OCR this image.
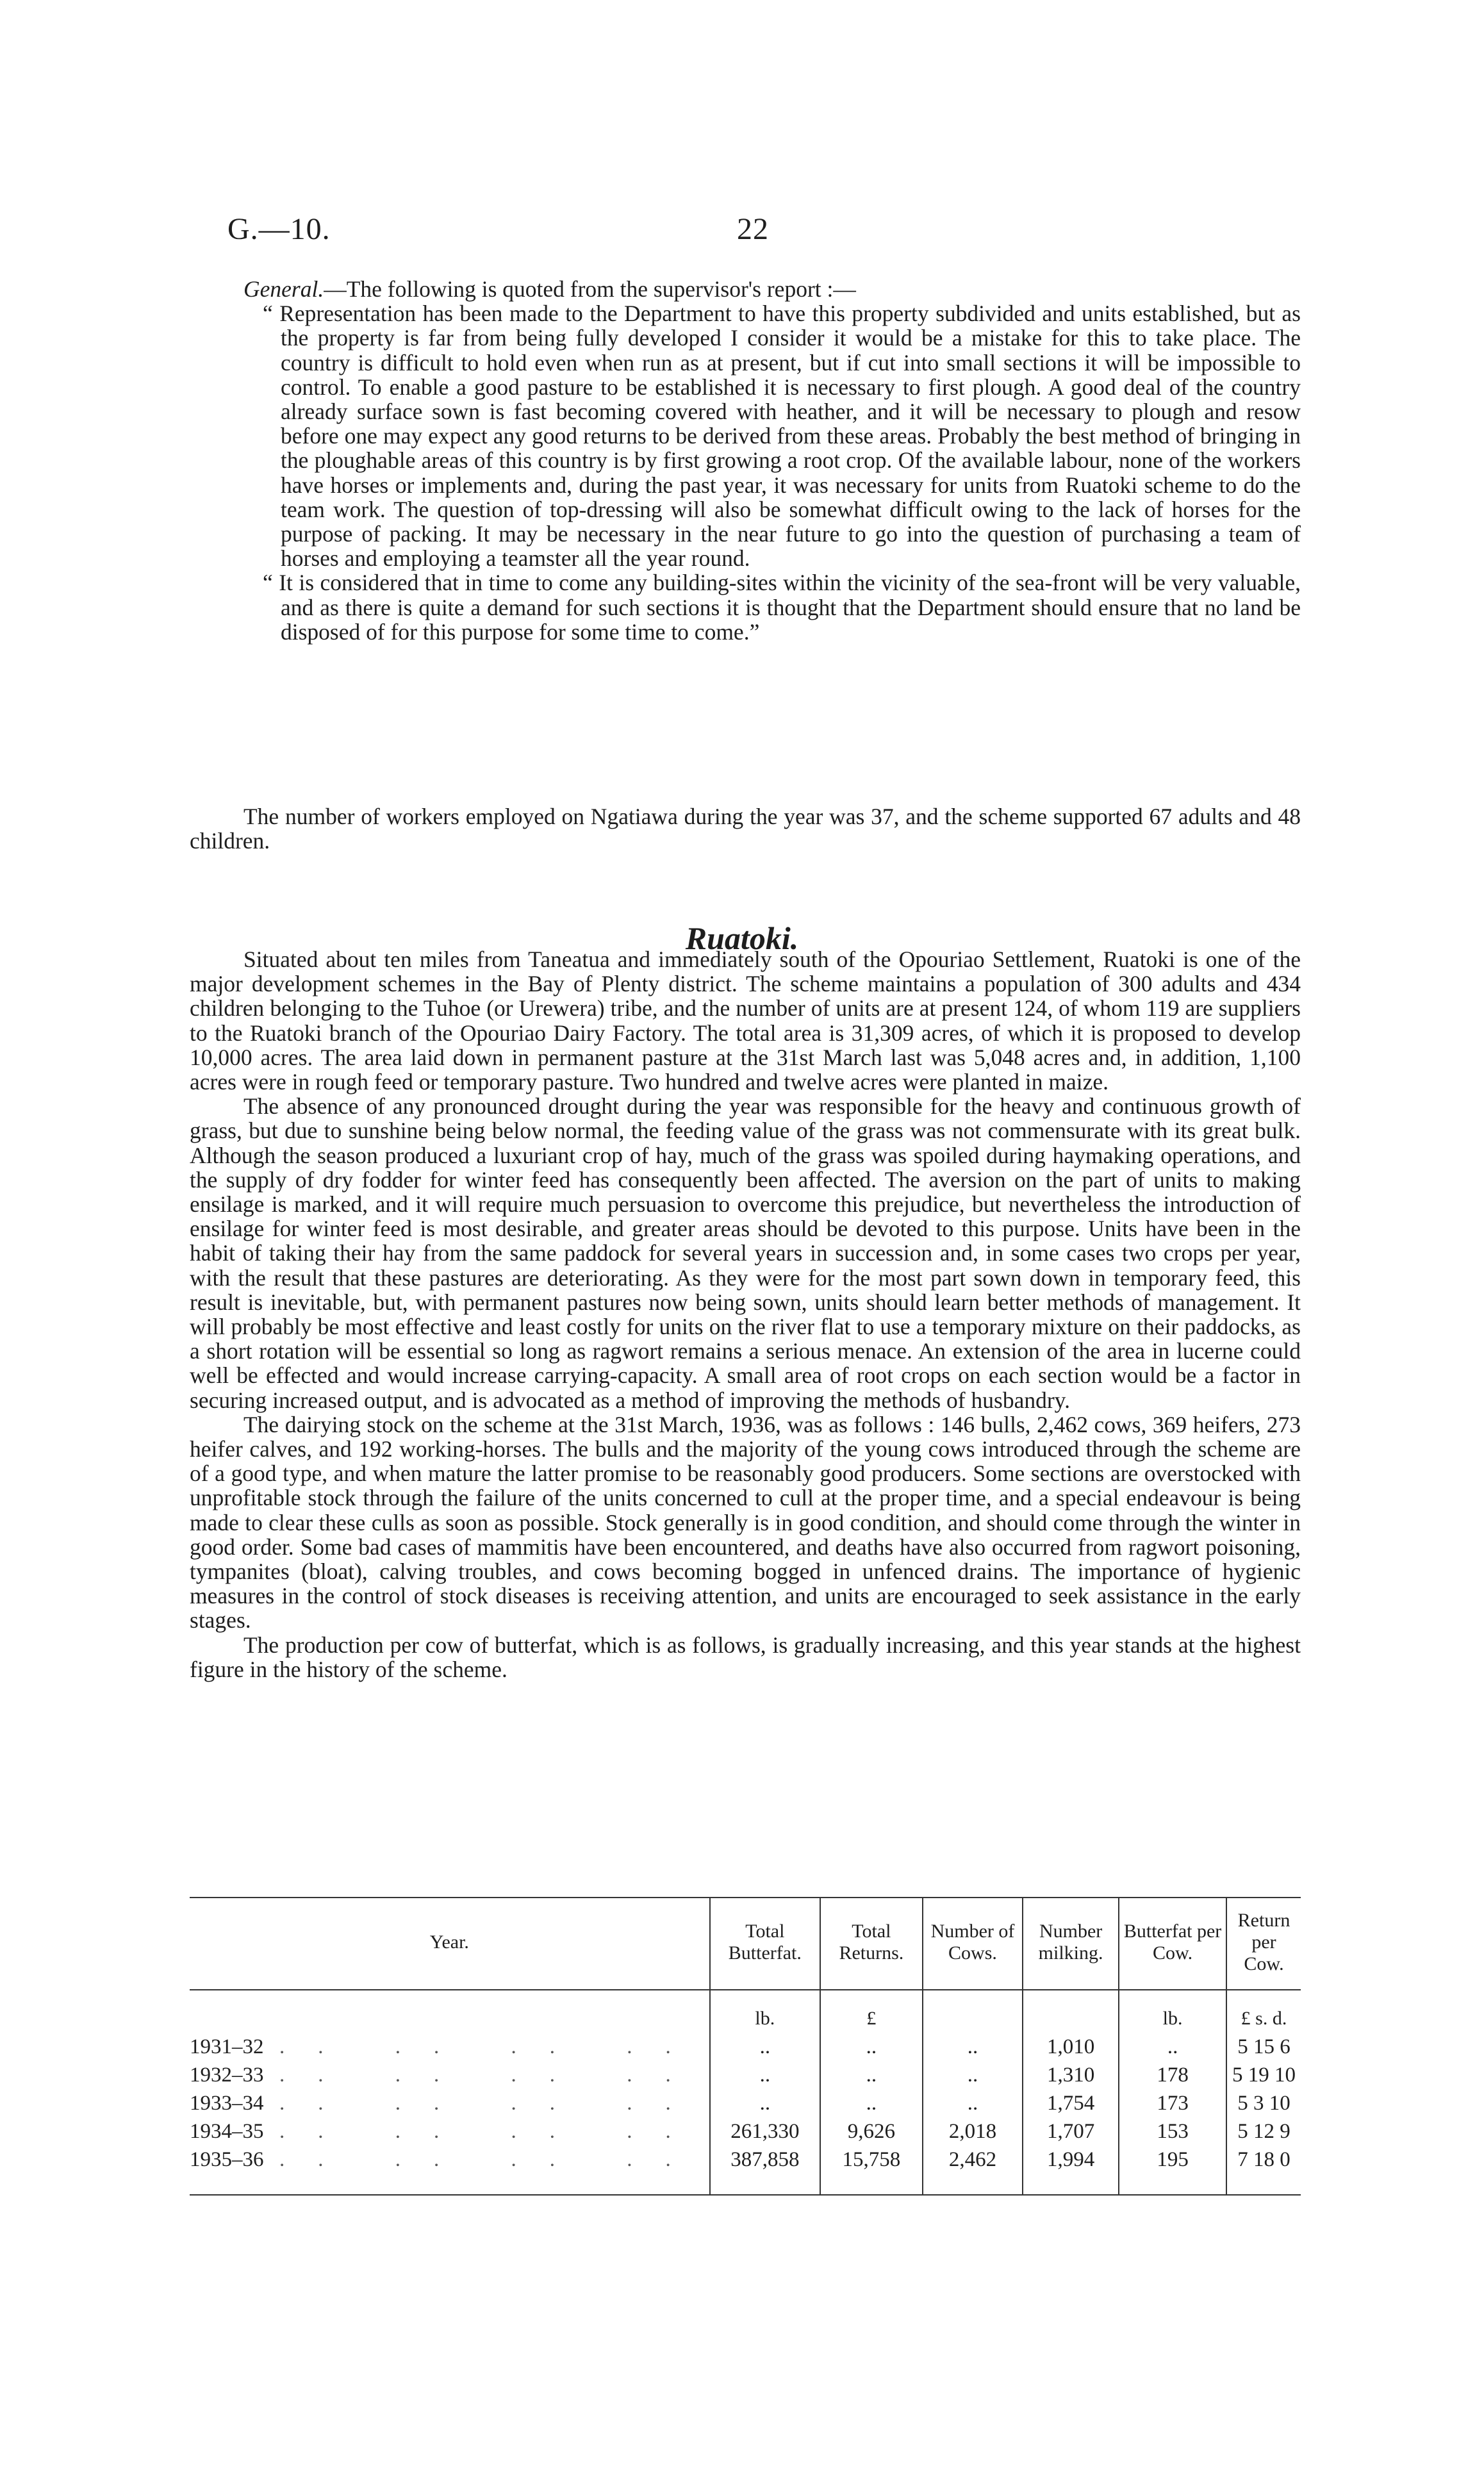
G.—10.	22

General.—The following is quoted from the supervisor's report :—

“ Representation has been made to the Department to have this property subdivided and units established, but as the property is far from being fully developed I consider it would be a mistake for this to take place. The country is difficult to hold even when run as at present, but if cut into small sections it will be impossible to control. To enable a good pasture to be established it is necessary to first plough. A good deal of the country already surface sown is fast becoming covered with heather, and it will be necessary to plough and resow before one may expect any good returns to be derived from these areas. Probably the best method of bringing in the ploughable areas of this country is by first growing a root crop. Of the available labour, none of the workers have horses or implements and, during the past year, it was necessary for units from Ruatoki scheme to do the team work. The question of top-dressing will also be somewhat difficult owing to the lack of horses for the purpose of packing. It may be necessary in the near future to go into the question of purchasing a team of horses and employing a teamster all the year round.

“ It is considered that in time to come any building-sites within the vicinity of the sea-front will be very valuable, and as there is quite a demand for such sections it is thought that the Department should ensure that no land be disposed of for this purpose for some time to come.”

The number of workers employed on Ngatiawa during the year was 37, and the scheme supported 67 adults and 48 children.

Ruatoki.

Situated about ten miles from Taneatua and immediately south of the Opouriao Settlement, Ruatoki is one of the major development schemes in the Bay of Plenty district. The scheme maintains a population of 300 adults and 434 children belonging to the Tuhoe (or Urewera) tribe, and the number of units are at present 124, of whom 119 are suppliers to the Ruatoki branch of the Opouriao Dairy Factory. The total area is 31,309 acres, of which it is proposed to develop 10,000 acres. The area laid down in permanent pasture at the 31st March last was 5,048 acres and, in addition, 1,100 acres were in rough feed or temporary pasture. Two hundred and twelve acres were planted in maize.

The absence of any pronounced drought during the year was responsible for the heavy and continuous growth of grass, but due to sunshine being below normal, the feeding value of the grass was not commensurate with its great bulk. Although the season produced a luxuriant crop of hay, much of the grass was spoiled during haymaking operations, and the supply of dry fodder for winter feed has consequently been affected. The aversion on the part of units to making ensilage is marked, and it will require much persuasion to overcome this prejudice, but nevertheless the introduction of ensilage for winter feed is most desirable, and greater areas should be devoted to this purpose. Units have been in the habit of taking their hay from the same paddock for several years in succession and, in some cases two crops per year, with the result that these pastures are deteriorating. As they were for the most part sown down in temporary feed, this result is inevitable, but, with permanent pastures now being sown, units should learn better methods of management. It will probably be most effective and least costly for units on the river flat to use a temporary mixture on their paddocks, as a short rotation will be essential so long as ragwort remains a serious menace. An extension of the area in lucerne could well be effected and would increase carrying-capacity. A small area of root crops on each section would be a factor in securing increased output, and is advocated as a method of improving the methods of husbandry.

The dairying stock on the scheme at the 31st March, 1936, was as follows : 146 bulls, 2,462 cows, 369 heifers, 273 heifer calves, and 192 working-horses. The bulls and the majority of the young cows introduced through the scheme are of a good type, and when mature the latter promise to be reasonably good producers. Some sections are overstocked with unprofitable stock through the failure of the units concerned to cull at the proper time, and a special endeavour is being made to clear these culls as soon as possible. Stock generally is in good condition, and should come through the winter in good order. Some bad cases of mammitis have been encountered, and deaths have also occurred from ragwort poisoning, tympanites (bloat), calving troubles, and cows becoming bogged in unfenced drains. The importance of hygienic measures in the control of stock diseases is receiving attention, and units are encouraged to seek assistance in the early stages.

The production per cow of butterfat, which is as follows, is gradually increasing, and this year stands at the highest figure in the history of the scheme.

Year.	Total Butterfat.	Total Returns.	Number of Cows.	Number milking.	Butterfat per Cow.	Return per Cow.
	lb.	£			lb.	£ s. d.
1931–32 .. .. .. ..	..	..	..	1,010	..	5 15 6
1932–33 .. .. .. ..	..	..	..	1,310	178	5 19 10
1933–34 .. .. .. ..	..	..	..	1,754	173	5 3 10
1934–35 .. .. .. ..	261,330	9,626	2,018	1,707	153	5 12 9
1935–36 .. .. .. ..	387,858	15,758	2,462	1,994	195	7 18 0
